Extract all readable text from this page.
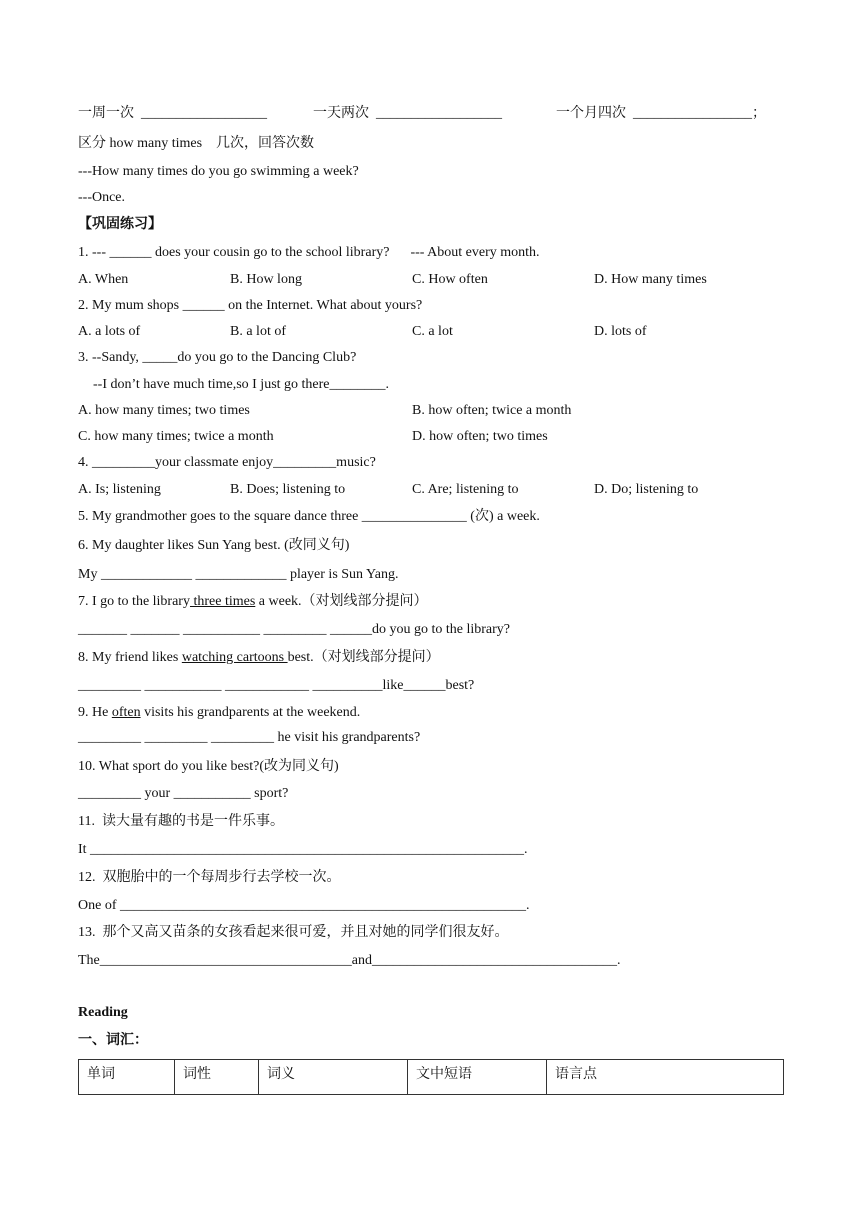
一周一次  __________________	一天两次  __________________	一个月四次  _________________；
区分 how many times    几次，回答次数
---How many times do you go swimming a week?
---Once.
【巩固练习】
1. --- ______ does your cousin go to the school library?      --- About every month.
A. When	B. How long	C. How often	D. How many times
2. My mum shops ______ on the Internet. What about yours?
A. a lots of	B. a lot of	C. a lot	D. lots of
3. --Sandy, _____do you go to the Dancing Club?
--I don’t have much time,so I just go there________.
A. how many times; two times	B. how often; twice a month
C. how many times; twice a month	D. how often; two times
4. _________your classmate enjoy_________music?
A. Is; listening	B. Does; listening to	C. Are; listening to	D. Do; listening to
5. My grandmother goes to the square dance three _______________ (次) a week.
6. My daughter likes Sun Yang best. (改同义句)
My _____________ _____________ player is Sun Yang.
7. I go to the library three times a week.（对划线部分提问）
_______ _______ ___________ _________ ______do you go to the library?
8. My friend likes watching cartoons best.（对划线部分提问）
_________ ___________ ____________ __________like______best?
9. He often visits his grandparents at the weekend.
_________ _________ _________ he visit his grandparents?
10. What sport do you like best?(改为同义句)
_________ your ___________ sport?
11.  读大量有趣的书是一件乐事。
It ______________________________________________________________.
12.  双胞胎中的一个每周步行去学校一次。
One of __________________________________________________________.
13.  那个又高又苗条的女孩看起来很可爱，并且对她的同学们很友好。
The____________________________________and___________________________________.
Reading
一、词汇：
单词	词性	词义	文中短语	语言点
